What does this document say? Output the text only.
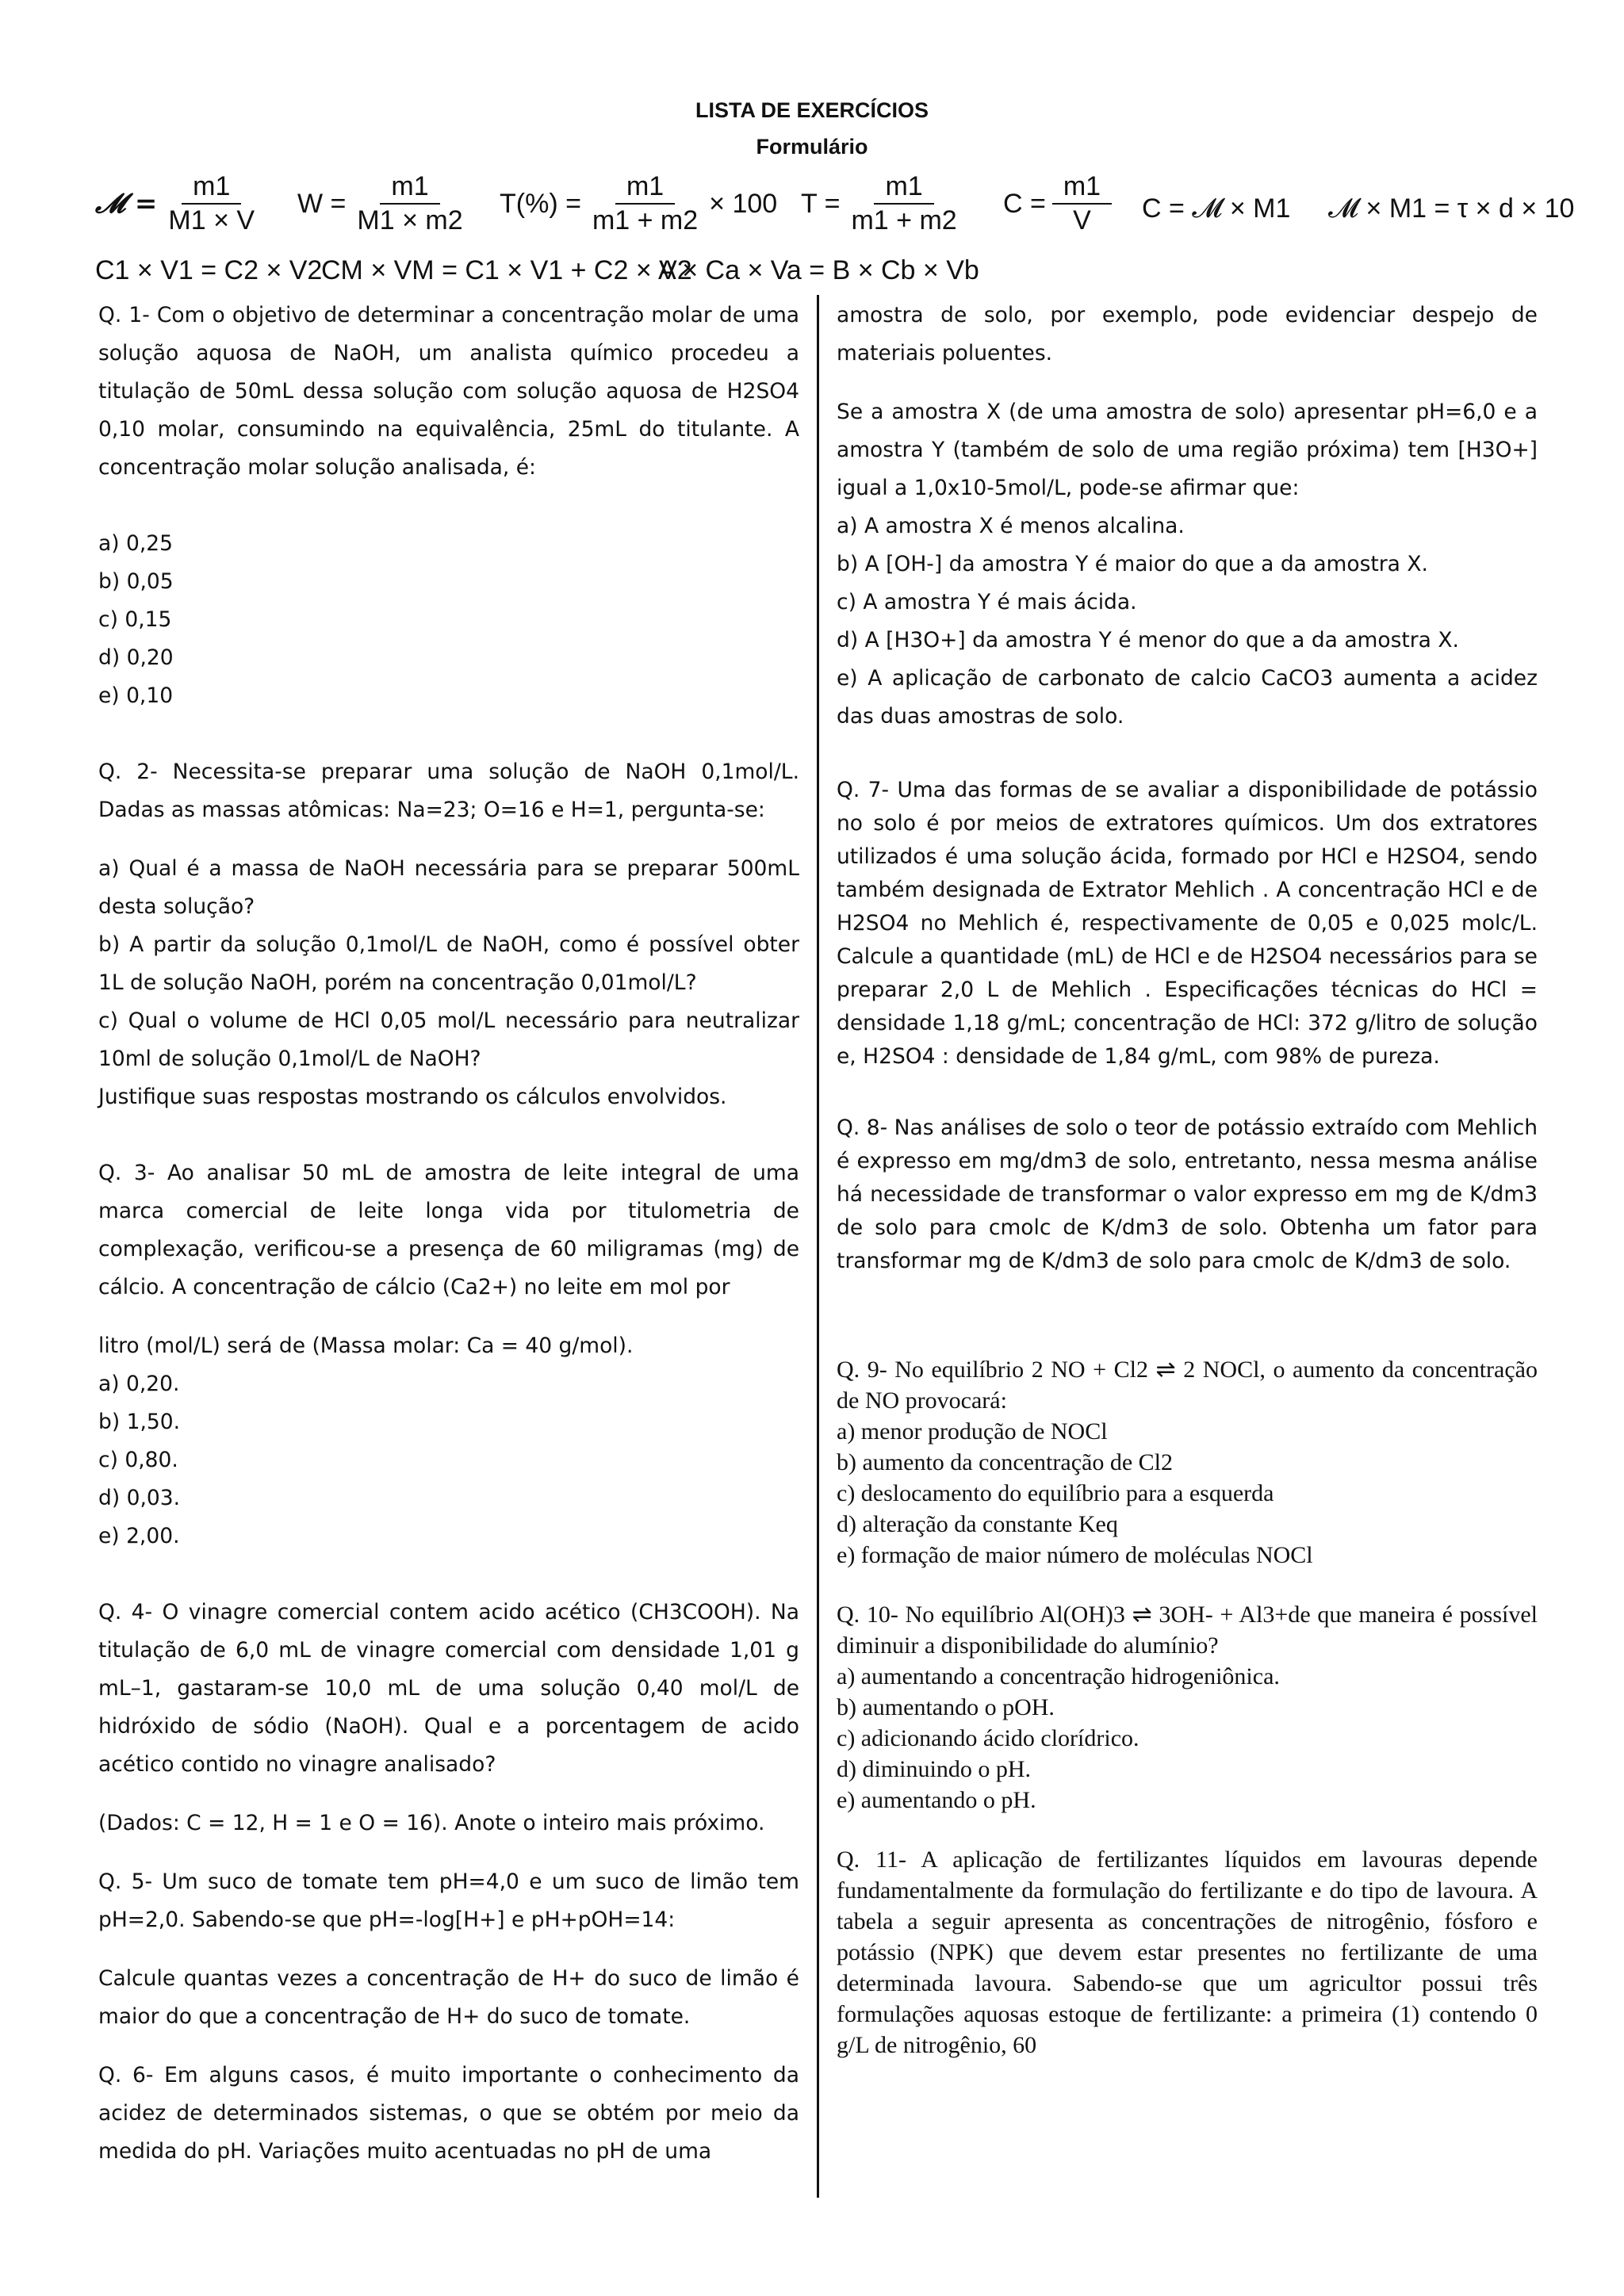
LISTA DE EXERCÍCIOS
Formulário
𝓜 = $\frac{m1}{M1 \times V}$ $W = \frac{m1}{M1 \times m2} T(\%) = \frac{m1}{m1 + m2} \times 100$ $T = \frac{m1}{m1 + m2}$ $C = \frac{m1}{V}$ C = 𝓜 × M1 𝓜 × M1 = τ × d × 10
C1 × V1 = C2 × V2
CM × VM = C1 × V1 + C2 × V2
A × Ca × Va = B × Cb × Vb

Q. 1- Com o objetivo de determinar a concentração molar de uma solução aquosa de NaOH, um analista químico procedeu a titulação de 50mL dessa solução com solução aquosa de H2SO4 0,10 molar, consumindo na equivalência, 25mL do titulante. A concentração molar solução analisada, é:

a) 0,25

b) 0,05

c) 0,15

d) 0,20

e) 0,10

Q. 2- Necessita-se preparar uma solução de NaOH 0,1mol/L. Dadas as massas atômicas: Na=23; O=16 e H=1, pergunta-se:

a) Qual é a massa de NaOH necessária para se preparar 500mL desta solução?

b) A partir da solução 0,1mol/L de NaOH, como é possível obter 1L de solução NaOH, porém na concentração 0,01mol/L?

c) Qual o volume de HCl 0,05 mol/L necessário para neutralizar 10ml de solução 0,1mol/L de NaOH?

Justifique suas respostas mostrando os cálculos envolvidos.

Q. 3- Ao analisar 50 mL de amostra de leite integral de uma marca comercial de leite longa vida por titulometria de complexação, verificou-se a presença de 60 miligramas (mg) de cálcio. A concentração de cálcio (Ca2+) no leite em mol por

litro (mol/L) será de (Massa molar: Ca = 40 g/mol).

a) 0,20.

b) 1,50.

c) 0,80.

d) 0,03.

e) 2,00.

Q. 4- O vinagre comercial contem acido acético (CH3COOH). Na titulação de 6,0 mL de vinagre comercial com densidade 1,01 g mL–1, gastaram-se 10,0 mL de uma solução 0,40 mol/L de hidróxido de sódio (NaOH). Qual e a porcentagem de acido acético contido no vinagre analisado?

(Dados: C = 12, H = 1 e O = 16). Anote o inteiro mais próximo.

Q. 5- Um suco de tomate tem pH=4,0 e um suco de limão tem pH=2,0. Sabendo-se que pH=-log[H+] e pH+pOH=14:

Calcule quantas vezes a concentração de H+ do suco de limão é maior do que a concentração de H+ do suco de tomate.

Q. 6- Em alguns casos, é muito importante o conhecimento da acidez de determinados sistemas, o que se obtém por meio da medida do pH. Variações muito acentuadas no pH de uma

amostra de solo, por exemplo, pode evidenciar despejo de materiais poluentes.

Se a amostra X (de uma amostra de solo) apresentar pH=6,0 e a amostra Y (também de solo de uma região próxima) tem [H3O+] igual a 1,0x10-5mol/L, pode-se afirmar que:

a) A amostra X é menos alcalina.

b) A [OH-] da amostra Y é maior do que a da amostra X.

c) A amostra Y é mais ácida.

d) A [H3O+] da amostra Y é menor do que a da amostra X.

e) A aplicação de carbonato de calcio CaCO3 aumenta a acidez das duas amostras de solo.

Q. 7- Uma das formas de se avaliar a disponibilidade de potássio no solo é por meios de extratores químicos. Um dos extratores utilizados é uma solução ácida, formado por HCl e H2SO4, sendo também designada de Extrator Mehlich . A concentração HCl e de H2SO4 no Mehlich é, respectivamente de 0,05 e 0,025 molc/L. Calcule a quantidade (mL) de HCl e de H2SO4 necessários para se preparar 2,0 L de Mehlich . Especificações técnicas do HCl = densidade 1,18 g/mL; concentração de HCl: 372 g/litro de solução e, H2SO4 : densidade de 1,84 g/mL, com 98% de pureza.

Q. 8- Nas análises de solo o teor de potássio extraído com Mehlich é expresso em mg/dm3 de solo, entretanto, nessa mesma análise há necessidade de transformar o valor expresso em mg de K/dm3 de solo para cmolc de K/dm3 de solo. Obtenha um fator para transformar mg de K/dm3 de solo para cmolc de K/dm3 de solo.

Q. 9- No equilíbrio 2 NO + Cl2 ⇌ 2 NOCl, o aumento da concentração de NO provocará:

a) menor produção de NOCl

b) aumento da concentração de Cl2

c) deslocamento do equilíbrio para a esquerda

d) alteração da constante Keq

e) formação de maior número de moléculas NOCl

Q. 10- No equilíbrio Al(OH)3 ⇌ 3OH- + Al3+de que maneira é possível diminuir a disponibilidade do alumínio?

a) aumentando a concentração hidrogeniônica.

b) aumentando o pOH.

c) adicionando ácido clorídrico.

d) diminuindo o pH.

e) aumentando o pH.

Q. 11- A aplicação de fertilizantes líquidos em lavouras depende fundamentalmente da formulação do fertilizante e do tipo de lavoura. A tabela a seguir apresenta as concentrações de nitrogênio, fósforo e potássio (NPK) que devem estar presentes no fertilizante de uma determinada lavoura. Sabendo-se que um agricultor possui três formulações aquosas estoque de fertilizante: a primeira (1) contendo 0 g/L de nitrogênio, 60
